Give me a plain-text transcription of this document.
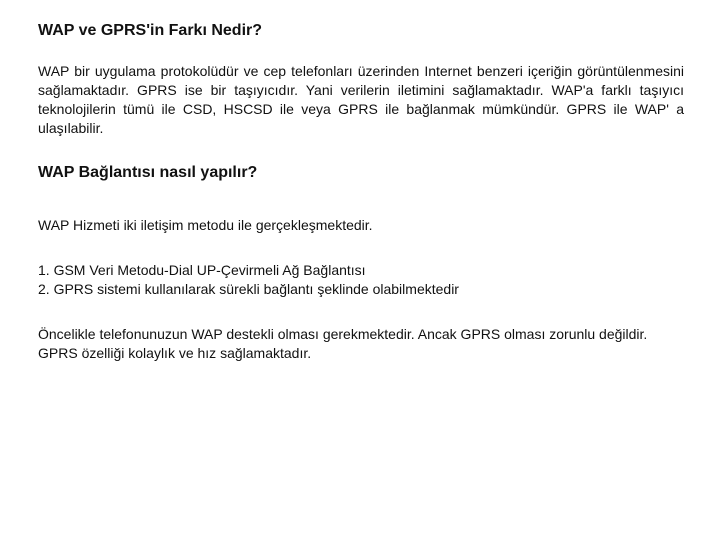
WAP ve GPRS'in Farkı Nedir?

WAP bir uygulama protokolüdür ve cep telefonları üzerinden Internet benzeri içeriğin görüntülenmesini sağlamaktadır. GPRS ise bir taşıyıcıdır. Yani verilerin iletimini sağlamaktadır. WAP'a farklı taşıyıcı teknolojilerin tümü ile CSD, HSCSD ile veya GPRS ile bağlanmak mümkündür. GPRS ile WAP' a ulaşılabilir.

WAP Bağlantısı nasıl yapılır?

WAP Hizmeti iki iletişim metodu ile gerçekleşmektedir.

1. GSM Veri Metodu-Dial UP-Çevirmeli Ağ Bağlantısı
2. GPRS sistemi kullanılarak sürekli bağlantı şeklinde olabilmektedir

Öncelikle telefonunuzun WAP destekli olması gerekmektedir. Ancak GPRS olması zorunlu değildir. GPRS özelliği kolaylık ve hız sağlamaktadır.
